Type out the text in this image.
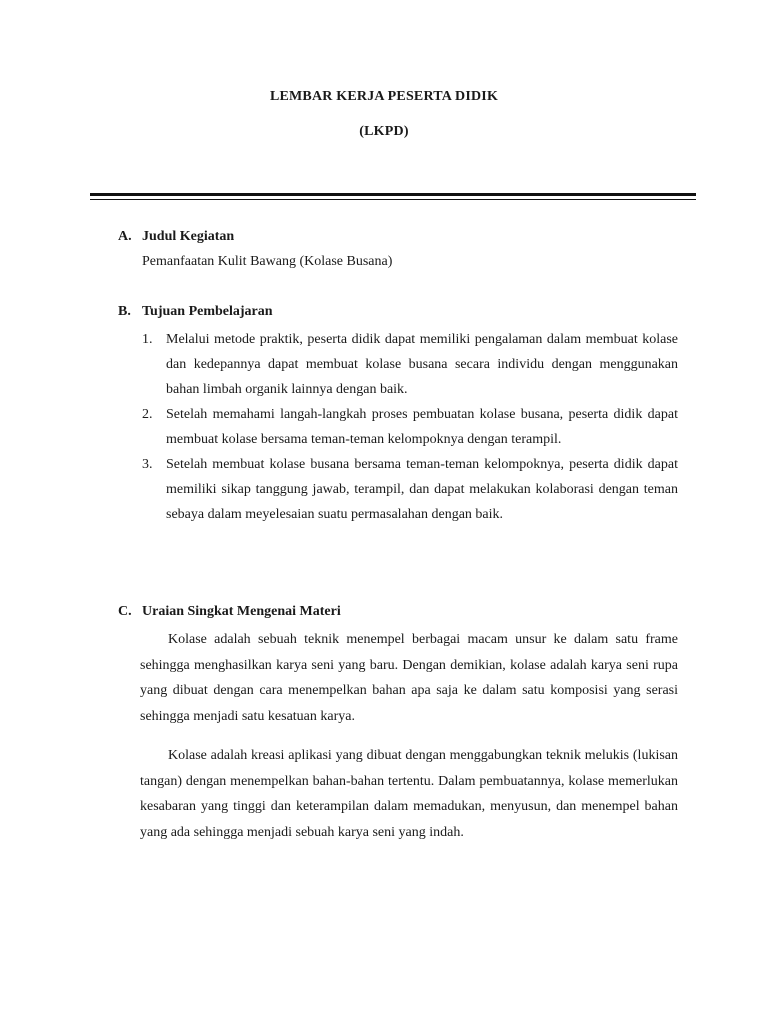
LEMBAR KERJA PESERTA DIDIK
(LKPD)
A. Judul Kegiatan
Pemanfaatan Kulit Bawang (Kolase Busana)
B. Tujuan Pembelajaran
1. Melalui metode praktik, peserta didik dapat memiliki pengalaman dalam membuat kolase dan kedepannya dapat membuat kolase busana secara individu dengan menggunakan bahan limbah organik lainnya dengan baik.
2. Setelah memahami langah-langkah proses pembuatan kolase busana, peserta didik dapat membuat kolase bersama teman-teman kelompoknya dengan terampil.
3. Setelah membuat kolase busana bersama teman-teman kelompoknya, peserta didik dapat memiliki sikap tanggung jawab, terampil, dan dapat melakukan kolaborasi dengan teman sebaya dalam meyelesaian suatu permasalahan dengan baik.
C. Uraian Singkat Mengenai Materi

Kolase adalah sebuah teknik menempel berbagai macam unsur ke dalam satu frame sehingga menghasilkan karya seni yang baru. Dengan demikian, kolase adalah karya seni rupa yang dibuat dengan cara menempelkan bahan apa saja ke dalam satu komposisi yang serasi sehingga menjadi satu kesatuan karya.

Kolase adalah kreasi aplikasi yang dibuat dengan menggabungkan teknik melukis (lukisan tangan) dengan menempelkan bahan-bahan tertentu. Dalam pembuatannya, kolase memerlukan kesabaran yang tinggi dan keterampilan dalam memadukan, menyusun, dan menempel bahan yang ada sehingga menjadi sebuah karya seni yang indah.
